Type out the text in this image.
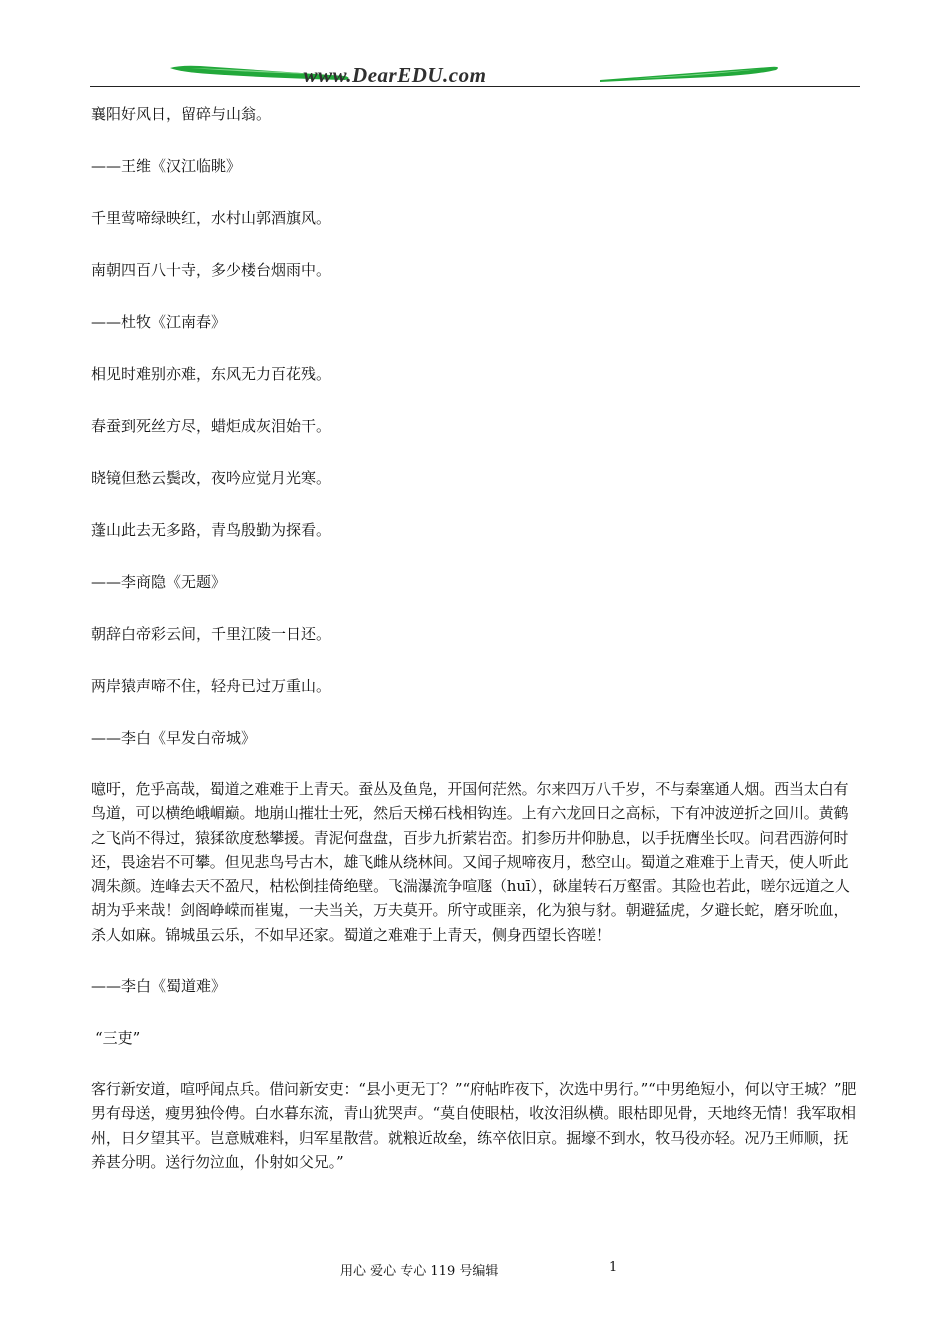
www.DearEDU.com

襄阳好风日，留碎与山翁。

——王维《汉江临眺》

千里莺啼绿映红，水村山郭酒旗风。

南朝四百八十寺，多少楼台烟雨中。

——杜牧《江南春》

相见时难别亦难，东风无力百花残。

春蚕到死丝方尽，蜡炬成灰泪始干。

晓镜但愁云鬓改，夜吟应觉月光寒。

蓬山此去无多路，青鸟殷勤为探看。

——李商隐《无题》

朝辞白帝彩云间，千里江陵一日还。

两岸猿声啼不住，轻舟已过万重山。

——李白《早发白帝城》

噫吁，危乎高哉，蜀道之难难于上青天。蚕丛及鱼凫，开国何茫然。尔来四万八千岁，不与秦塞通人烟。西当太白有鸟道，可以横绝峨嵋巅。地崩山摧壮士死，然后天梯石栈相钩连。上有六龙回日之高标，下有冲波逆折之回川。黄鹤之飞尚不得过，猿猱欲度愁攀援。青泥何盘盘，百步九折萦岩峦。扪参历井仰胁息，以手抚膺坐长叹。问君西游何时还，畏途岩不可攀。但见悲鸟号古木，雄飞雌从绕林间。又闻子规啼夜月，愁空山。蜀道之难难于上青天，使人听此凋朱颜。连峰去天不盈尺，枯松倒挂倚绝壁。飞湍瀑流争喧豗（huī），砯崖转石万壑雷。其险也若此，嗟尔远道之人胡为乎来哉！剑阁峥嵘而崔嵬，一夫当关，万夫莫开。所守或匪亲，化为狼与豺。朝避猛虎，夕避长蛇，磨牙吮血，杀人如麻。锦城虽云乐，不如早还家。蜀道之难难于上青天，侧身西望长咨嗟！

——李白《蜀道难》

“三吏”

客行新安道，喧呼闻点兵。借问新安吏：“县小更无丁？”“府帖昨夜下，次选中男行。”“中男绝短小，何以守王城？”肥男有母送，瘦男独伶俜。白水暮东流，青山犹哭声。“莫自使眼枯，收汝泪纵横。眼枯即见骨，天地终无情！我军取相州，日夕望其平。岂意贼难料，归军星散营。就粮近故垒，练卒依旧京。掘壕不到水，牧马役亦轻。况乃王师顺，抚养甚分明。送行勿泣血，仆射如父兄。”

用心 爱心 专心 119 号编辑	1
